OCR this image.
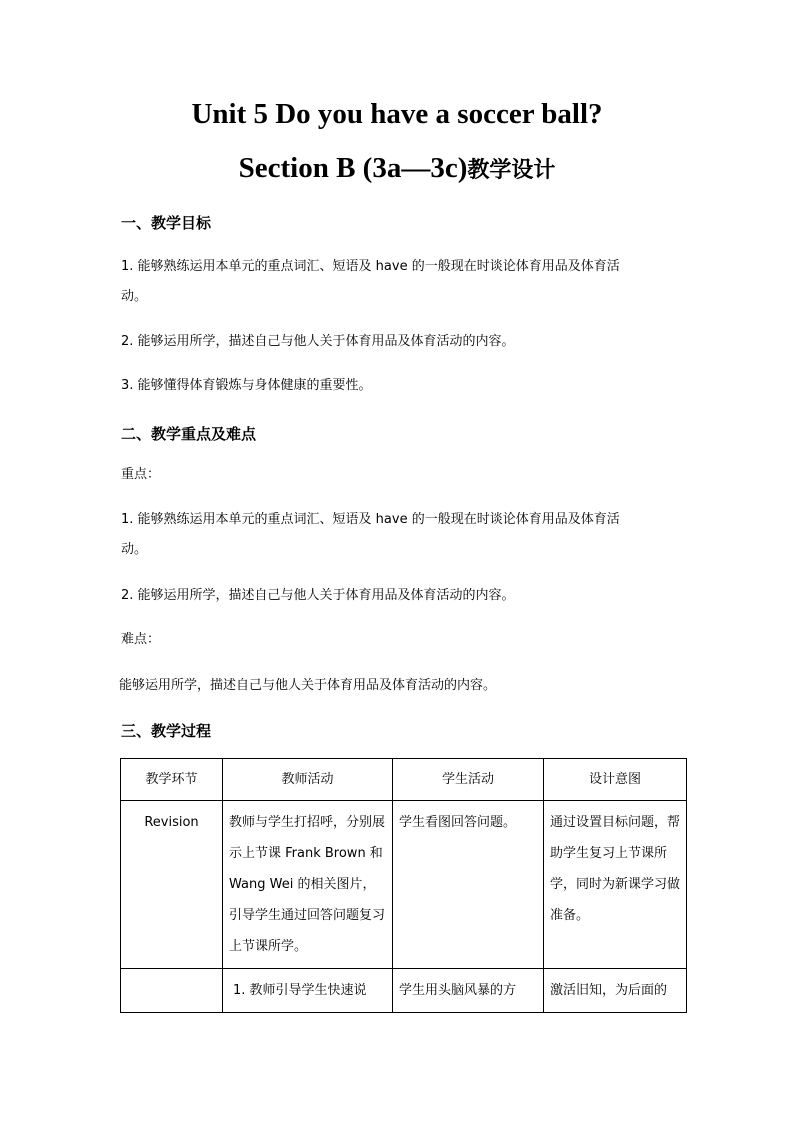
Unit 5 Do you have a soccer ball?
Section B (3a—3c)教学设计
一、教学目标
1. 能够熟练运用本单元的重点词汇、短语及 have 的一般现在时谈论体育用品及体育活
动。
2. 能够运用所学，描述自己与他人关于体育用品及体育活动的内容。
3. 能够懂得体育锻炼与身体健康的重要性。
二、教学重点及难点
重点：
1. 能够熟练运用本单元的重点词汇、短语及 have 的一般现在时谈论体育用品及体育活
动。
2. 能够运用所学，描述自己与他人关于体育用品及体育活动的内容。
难点：
能够运用所学，描述自己与他人关于体育用品及体育活动的内容。
三、教学过程
教学环节	教师活动	学生活动	设计意图
Revision	教师与学生打招呼，分别展示上节课 Frank Brown 和 Wang Wei 的相关图片，引导学生通过回答问题复习上节课所学。	学生看图回答问题。	通过设置目标问题，帮助学生复习上节课所学，同时为新课学习做准备。
	1. 教师引导学生快速说	学生用头脑风暴的方	激活旧知，为后面的
